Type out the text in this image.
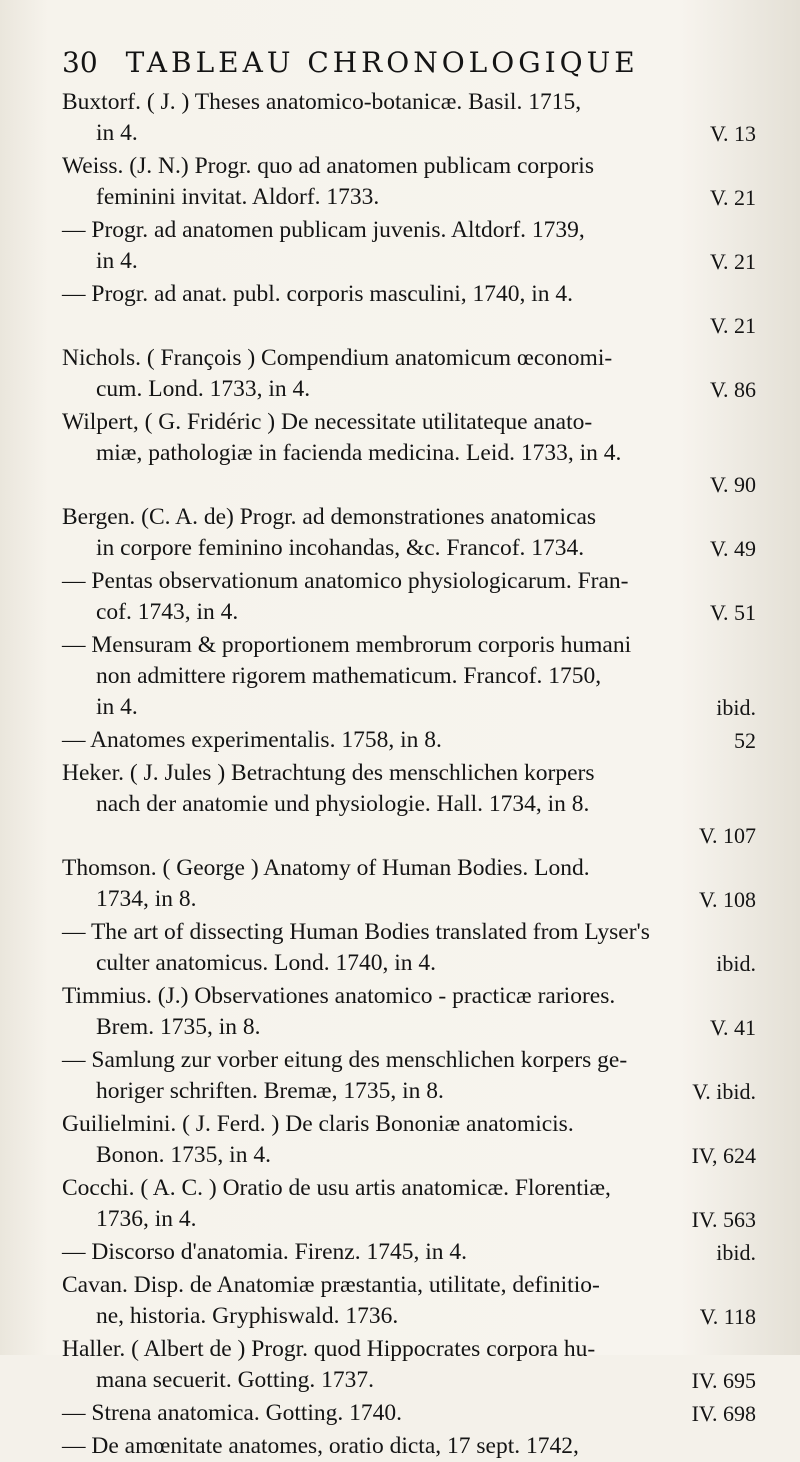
30 TABLEAU CHRONOLOGIQUE
Buxtorf. ( J. ) Theses anatomico-botanicæ. Basil. 1715,
in 4.	V. 13
Weiss. (J. N.) Progr. quo ad anatomen publicam corporis
feminini invitat. Aldorf. 1733.	V. 21
— Progr. ad anatomen publicam juvenis. Altdorf. 1739,
in 4.	V. 21
— Progr. ad anat. publ. corporis masculini, 1740, in 4.
V. 21
Nichols. ( François ) Compendium anatomicum œconomi-
cum. Lond. 1733, in 4.	V. 86
Wilpert, ( G. Fridéric ) De necessitate utilitateque anato-
miæ, pathologiæ in facienda medicina. Leid. 1733, in 4.
V. 90
Bergen. (C. A. de) Progr. ad demonstrationes anatomicas
in corpore feminino incohandas, &c. Francof. 1734.	V. 49
— Pentas observationum anatomico physiologicarum. Fran-
cof. 1743, in 4.	V. 51
— Mensuram & proportionem membrorum corporis humani
non admittere rigorem mathematicum. Francof. 1750,
in 4.	ibid.
— Anatomes experimentalis. 1758, in 8.	52
Heker. ( J. Jules ) Betrachtung des menschlichen korpers
nach der anatomie und physiologie. Hall. 1734, in 8.
V. 107
Thomson. ( George ) Anatomy of Human Bodies. Lond.
1734, in 8.	V. 108
— The art of dissecting Human Bodies translated from Lyser's
culter anatomicus. Lond. 1740, in 4.	ibid.
Timmius. (J.) Observationes anatomico - practicæ rariores.
Brem. 1735, in 8.	V. 41
— Samlung zur vorber eitung des menschlichen korpers ge-
horiger schriften. Bremæ, 1735, in 8.	V. ibid.
Guilielmini. ( J. Ferd. ) De claris Bononiæ anatomicis.
Bonon. 1735, in 4.	IV, 624
Cocchi. ( A. C. ) Oratio de usu artis anatomicæ. Florentiæ,
1736, in 4.	IV. 563
— Discorso d'anatomia. Firenz. 1745, in 4.	ibid.
Cavan. Disp. de Anatomiæ præstantia, utilitate, definitio-
ne, historia. Gryphiswald. 1736.	V. 118
Haller. ( Albert de ) Progr. quod Hippocrates corpora hu-
mana secuerit. Gotting. 1737.	IV. 695
— Strena anatomica. Gotting. 1740.	IV. 698
— De amœnitate anatomes, oratio dicta, 17 sept. 1742,
